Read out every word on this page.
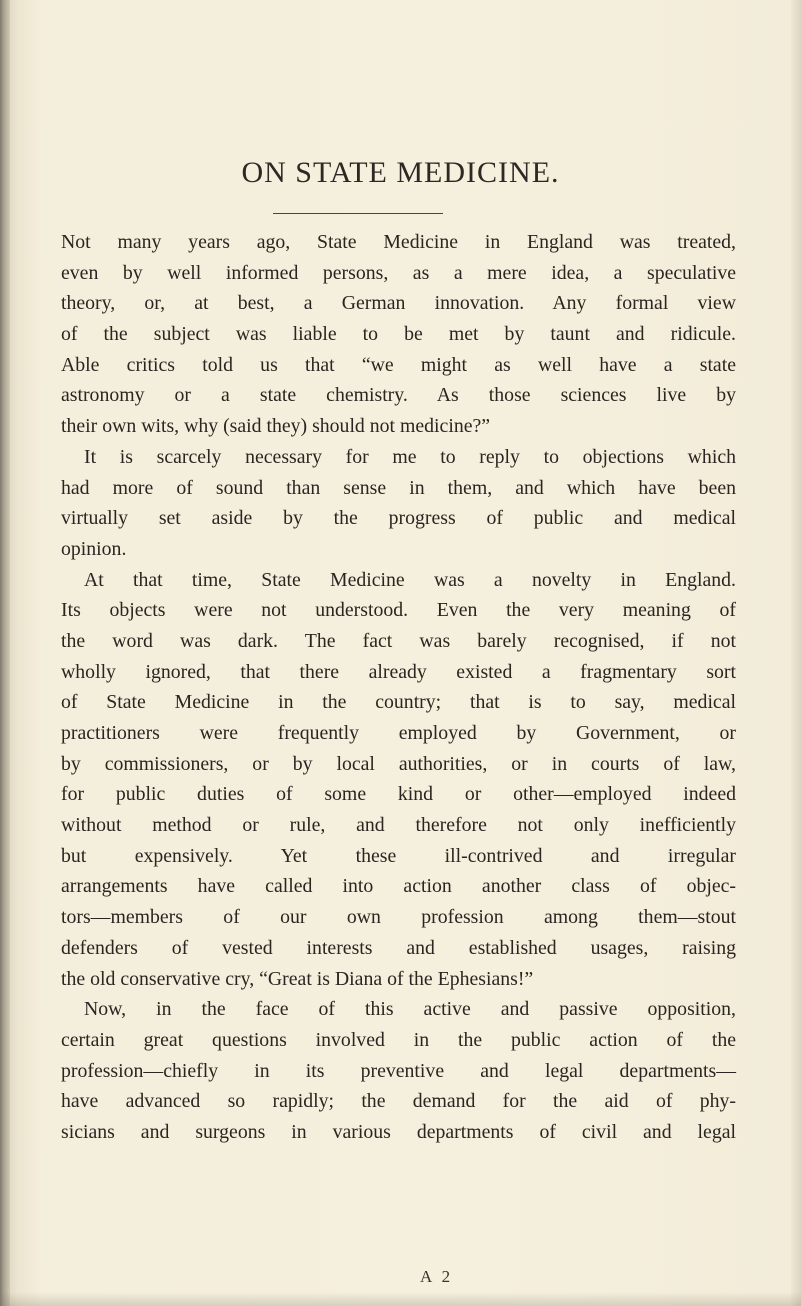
ON STATE MEDICINE.
Not many years ago, State Medicine in England was treated,
even by well informed persons, as a mere idea, a speculative
theory, or, at best, a German innovation. Any formal view
of the subject was liable to be met by taunt and ridicule.
Able critics told us that “we might as well have a state
astronomy or a state chemistry. As those sciences live by
their own wits, why (said they) should not medicine?”
It is scarcely necessary for me to reply to objections which
had more of sound than sense in them, and which have been
virtually set aside by the progress of public and medical
opinion.
At that time, State Medicine was a novelty in England.
Its objects were not understood. Even the very meaning of
the word was dark. The fact was barely recognised, if not
wholly ignored, that there already existed a fragmentary sort
of State Medicine in the country; that is to say, medical
practitioners were frequently employed by Government, or
by commissioners, or by local authorities, or in courts of law,
for public duties of some kind or other—employed indeed
without method or rule, and therefore not only inefficiently
but expensively. Yet these ill-contrived and irregular
arrangements have called into action another class of objec-
tors—members of our own profession among them—stout
defenders of vested interests and established usages, raising
the old conservative cry, “Great is Diana of the Ephesians!”
Now, in the face of this active and passive opposition,
certain great questions involved in the public action of the
profession—chiefly in its preventive and legal departments—
have advanced so rapidly; the demand for the aid of phy-
sicians and surgeons in various departments of civil and legal
A 2
